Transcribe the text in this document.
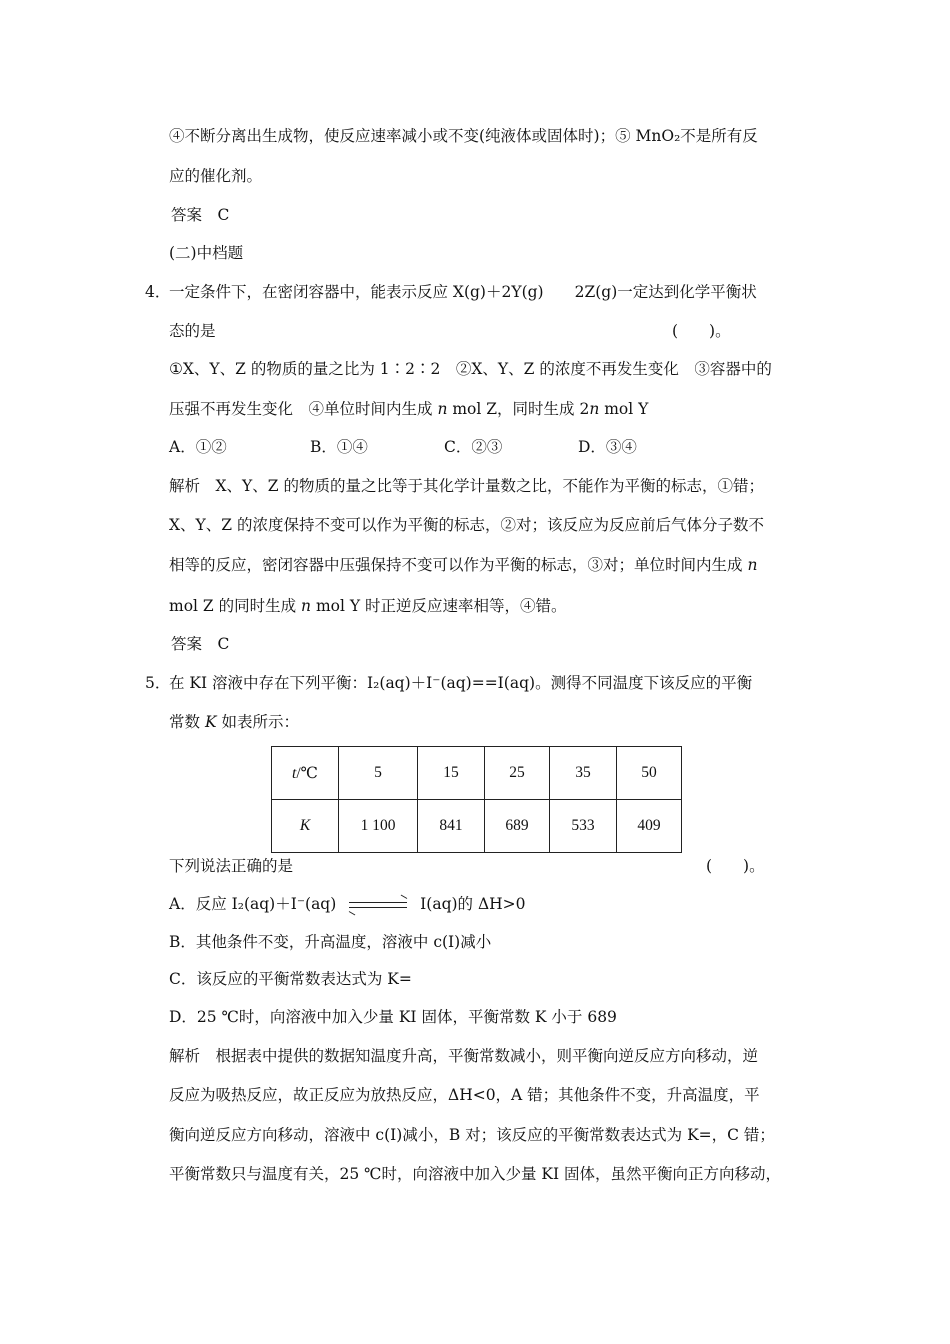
④不断分离出生成物，使反应速率减小或不变(纯液体或固体时)；⑤ MnO₂不是所有反
应的催化剂。
答案　C
(二)中档题
4．
一定条件下，在密闭容器中，能表示反应 X(g)＋2Y(g)　　2Z(g)一定达到化学平衡状
态的是	(　　)。
①X、Y、Z 的物质的量之比为 1∶2∶2　②X、Y、Z 的浓度不再发生变化　③容器中的
压强不再发生变化　④单位时间内生成 n mol Z，同时生成 2n mol Y
A．①②	B．①④	C．②③	D．③④
解析　X、Y、Z 的物质的量之比等于其化学计量数之比，不能作为平衡的标志，①错；
X、Y、Z 的浓度保持不变可以作为平衡的标志，②对；该反应为反应前后气体分子数不
相等的反应，密闭容器中压强保持不变可以作为平衡的标志，③对；单位时间内生成 n
mol Z 的同时生成 n mol Y 时正逆反应速率相等，④错。
答案　C
5．
在 KI 溶液中存在下列平衡：I₂(aq)＋I⁻(aq)==I(aq)。测得不同温度下该反应的平衡
常数 K 如表所示：
t/℃	5	15	25	35	50
K	1 100	841	689	533	409
下列说法正确的是	(　　)。
A．反应 I₂(aq)＋I⁻(aq) ⇌ I(aq)的 ΔH>0
B．其他条件不变，升高温度，溶液中 c(I)减小
C．该反应的平衡常数表达式为 K=
D．25 ℃时，向溶液中加入少量 KI 固体，平衡常数 K 小于 689
解析　根据表中提供的数据知温度升高，平衡常数减小，则平衡向逆反应方向移动，逆
反应为吸热反应，故正反应为放热反应，ΔH<0，A 错；其他条件不变，升高温度，平
衡向逆反应方向移动，溶液中 c(I)减小，B 对；该反应的平衡常数表达式为 K=，C 错；
平衡常数只与温度有关，25 ℃时，向溶液中加入少量 KI 固体，虽然平衡向正方向移动，
